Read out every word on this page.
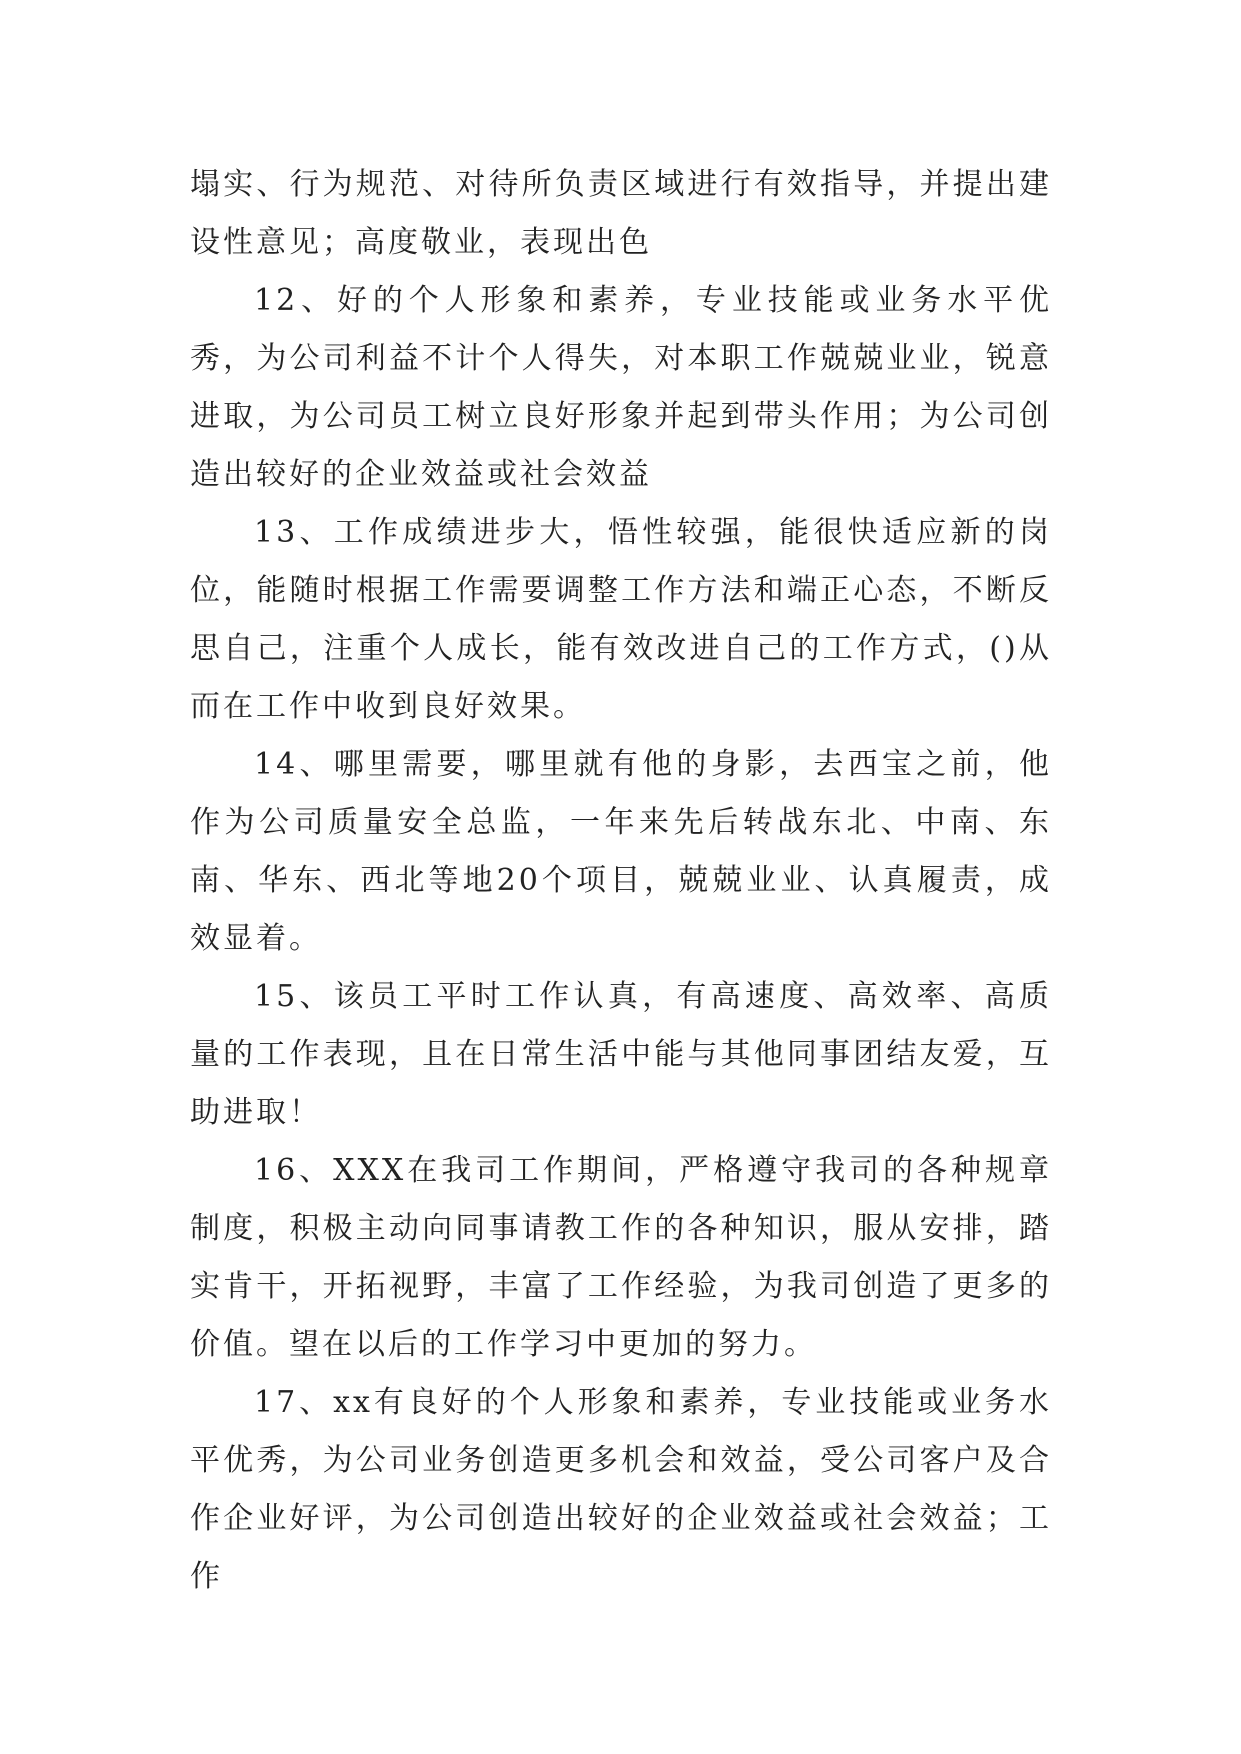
塌实、行为规范、对待所负责区域进行有效指导，并提出建设性意见；高度敬业，表现出色

12、好的个人形象和素养，专业技能或业务水平优秀，为公司利益不计个人得失，对本职工作兢兢业业，锐意进取，为公司员工树立良好形象并起到带头作用；为公司创造出较好的企业效益或社会效益

13、工作成绩进步大，悟性较强，能很快适应新的岗位，能随时根据工作需要调整工作方法和端正心态，不断反思自己，注重个人成长，能有效改进自己的工作方式，()从而在工作中收到良好效果。

14、哪里需要，哪里就有他的身影，去西宝之前，他作为公司质量安全总监，一年来先后转战东北、中南、东南、华东、西北等地20个项目，兢兢业业、认真履责，成效显着。

15、该员工平时工作认真，有高速度、高效率、高质量的工作表现，且在日常生活中能与其他同事团结友爱，互助进取！

16、XXX在我司工作期间，严格遵守我司的各种规章制度，积极主动向同事请教工作的各种知识，服从安排，踏实肯干，开拓视野，丰富了工作经验，为我司创造了更多的价值。望在以后的工作学习中更加的努力。

17、xx有良好的个人形象和素养，专业技能或业务水平优秀，为公司业务创造更多机会和效益，受公司客户及合作企业好评，为公司创造出较好的企业效益或社会效益；工作
